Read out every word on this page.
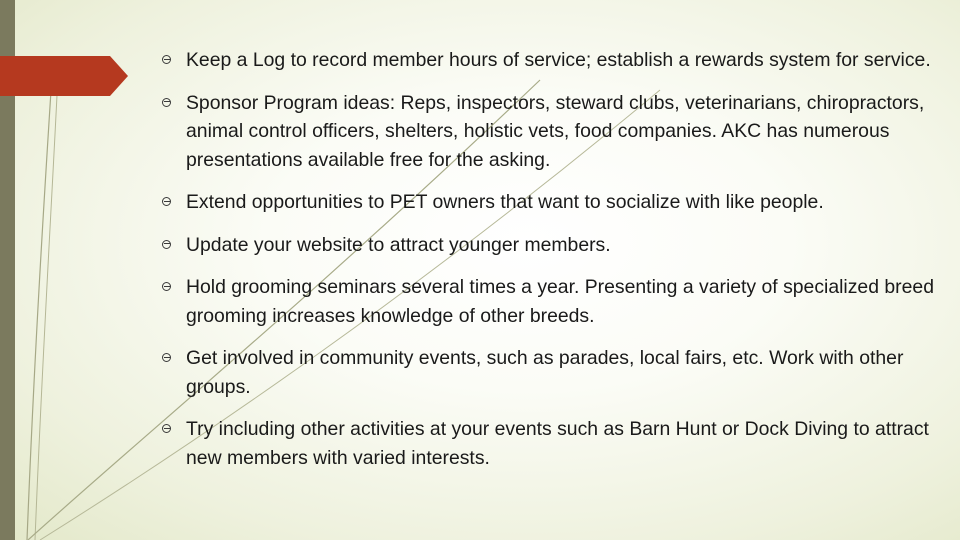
Keep a Log to record member hours of service; establish a rewards system for service.
Sponsor Program ideas: Reps, inspectors, steward clubs, veterinarians, chiropractors, animal control officers, shelters, holistic vets, food companies. AKC has numerous presentations available free for the asking.
Extend opportunities to PET owners that want to socialize with like people.
Update your website to attract younger members.
Hold grooming seminars several times a year. Presenting a variety of specialized breed grooming increases knowledge of other breeds.
Get involved in community events, such as parades, local fairs, etc. Work with other groups.
Try including other activities at your events such as Barn Hunt or Dock Diving to attract new members with varied interests.
